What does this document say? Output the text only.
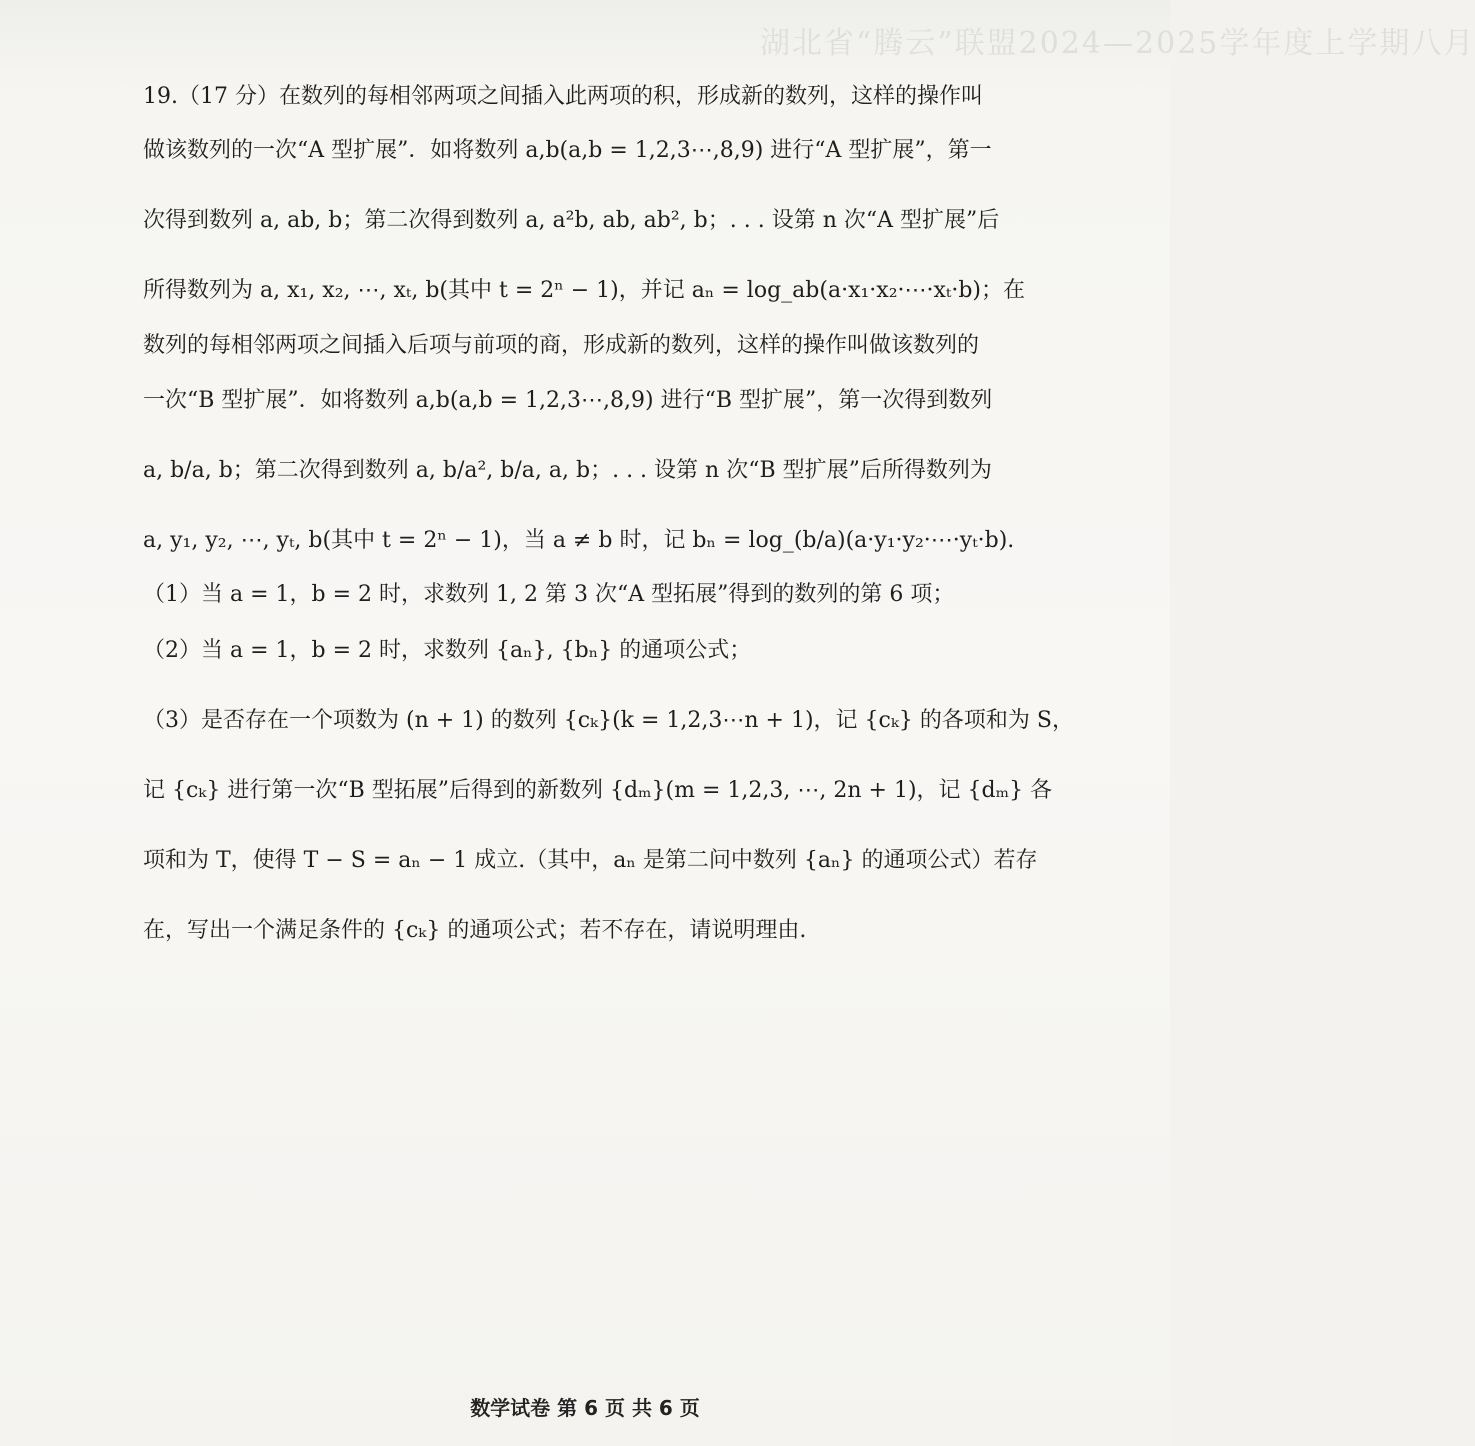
湖北省“腾云”联盟2024—2025学年度上学期八月
19.（17 分）在数列的每相邻两项之间插入此两项的积，形成新的数列，这样的操作叫
做该数列的一次“A 型扩展”．如将数列 a,b(a,b = 1,2,3⋯,8,9) 进行“A 型扩展”，第一
次得到数列 a, ab, b；第二次得到数列 a, a²b, ab, ab², b；. . . 设第 n 次“A 型扩展”后
所得数列为 a, x₁, x₂, ⋯, xₜ, b(其中 t = 2ⁿ − 1)，并记 aₙ = log_ab(a·x₁·x₂·⋯·xₜ·b)；在
数列的每相邻两项之间插入后项与前项的商，形成新的数列，这样的操作叫做该数列的
一次“B 型扩展”．如将数列 a,b(a,b = 1,2,3⋯,8,9) 进行“B 型扩展”，第一次得到数列
a, b/a, b；第二次得到数列 a, b/a², b/a, a, b；. . . 设第 n 次“B 型扩展”后所得数列为
a, y₁, y₂, ⋯, yₜ, b(其中 t = 2ⁿ − 1)，当 a ≠ b 时，记 bₙ = log_(b/a)(a·y₁·y₂·⋯·yₜ·b).
（1）当 a = 1，b = 2 时，求数列 1, 2 第 3 次“A 型拓展”得到的数列的第 6 项；
（2）当 a = 1，b = 2 时，求数列 {aₙ}, {bₙ} 的通项公式；
（3）是否存在一个项数为 (n + 1) 的数列 {cₖ}(k = 1,2,3⋯n + 1)，记 {cₖ} 的各项和为 S，
记 {cₖ} 进行第一次“B 型拓展”后得到的新数列 {dₘ}(m = 1,2,3, ⋯, 2n + 1)，记 {dₘ} 各
项和为 T，使得 T − S = aₙ − 1 成立.（其中，aₙ 是第二问中数列 {aₙ} 的通项公式）若存
在，写出一个满足条件的 {cₖ} 的通项公式；若不存在，请说明理由.
数学试卷 第 6 页 共 6 页
